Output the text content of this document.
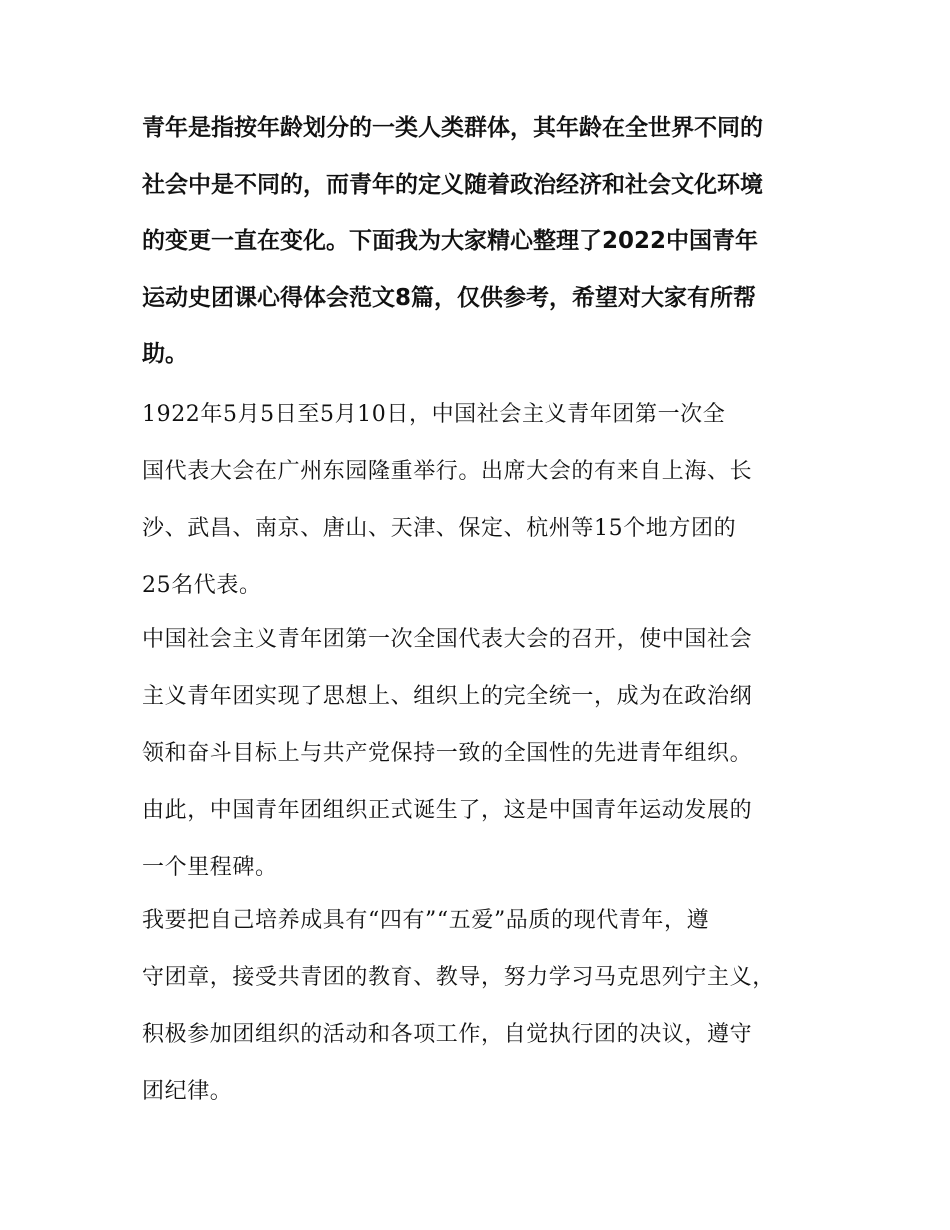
青年是指按年龄划分的一类人类群体，其年龄在全世界不同的
社会中是不同的，而青年的定义随着政治经济和社会文化环境
的变更一直在变化。下面我为大家精心整理了2022中国青年
运动史团课心得体会范文8篇，仅供参考，希望对大家有所帮
助。
1922年5月5日至5月10日，中国社会主义青年团第一次全
国代表大会在广州东园隆重举行。出席大会的有来自上海、长
沙、武昌、南京、唐山、天津、保定、杭州等15个地方团的
25名代表。
中国社会主义青年团第一次全国代表大会的召开，使中国社会
主义青年团实现了思想上、组织上的完全统一，成为在政治纲
领和奋斗目标上与共产党保持一致的全国性的先进青年组织。
由此，中国青年团组织正式诞生了，这是中国青年运动发展的
一个里程碑。
我要把自己培养成具有“四有”“五爱”品质的现代青年，遵
守团章，接受共青团的教育、教导，努力学习马克思列宁主义，
积极参加团组织的活动和各项工作，自觉执行团的决议，遵守
团纪律。
